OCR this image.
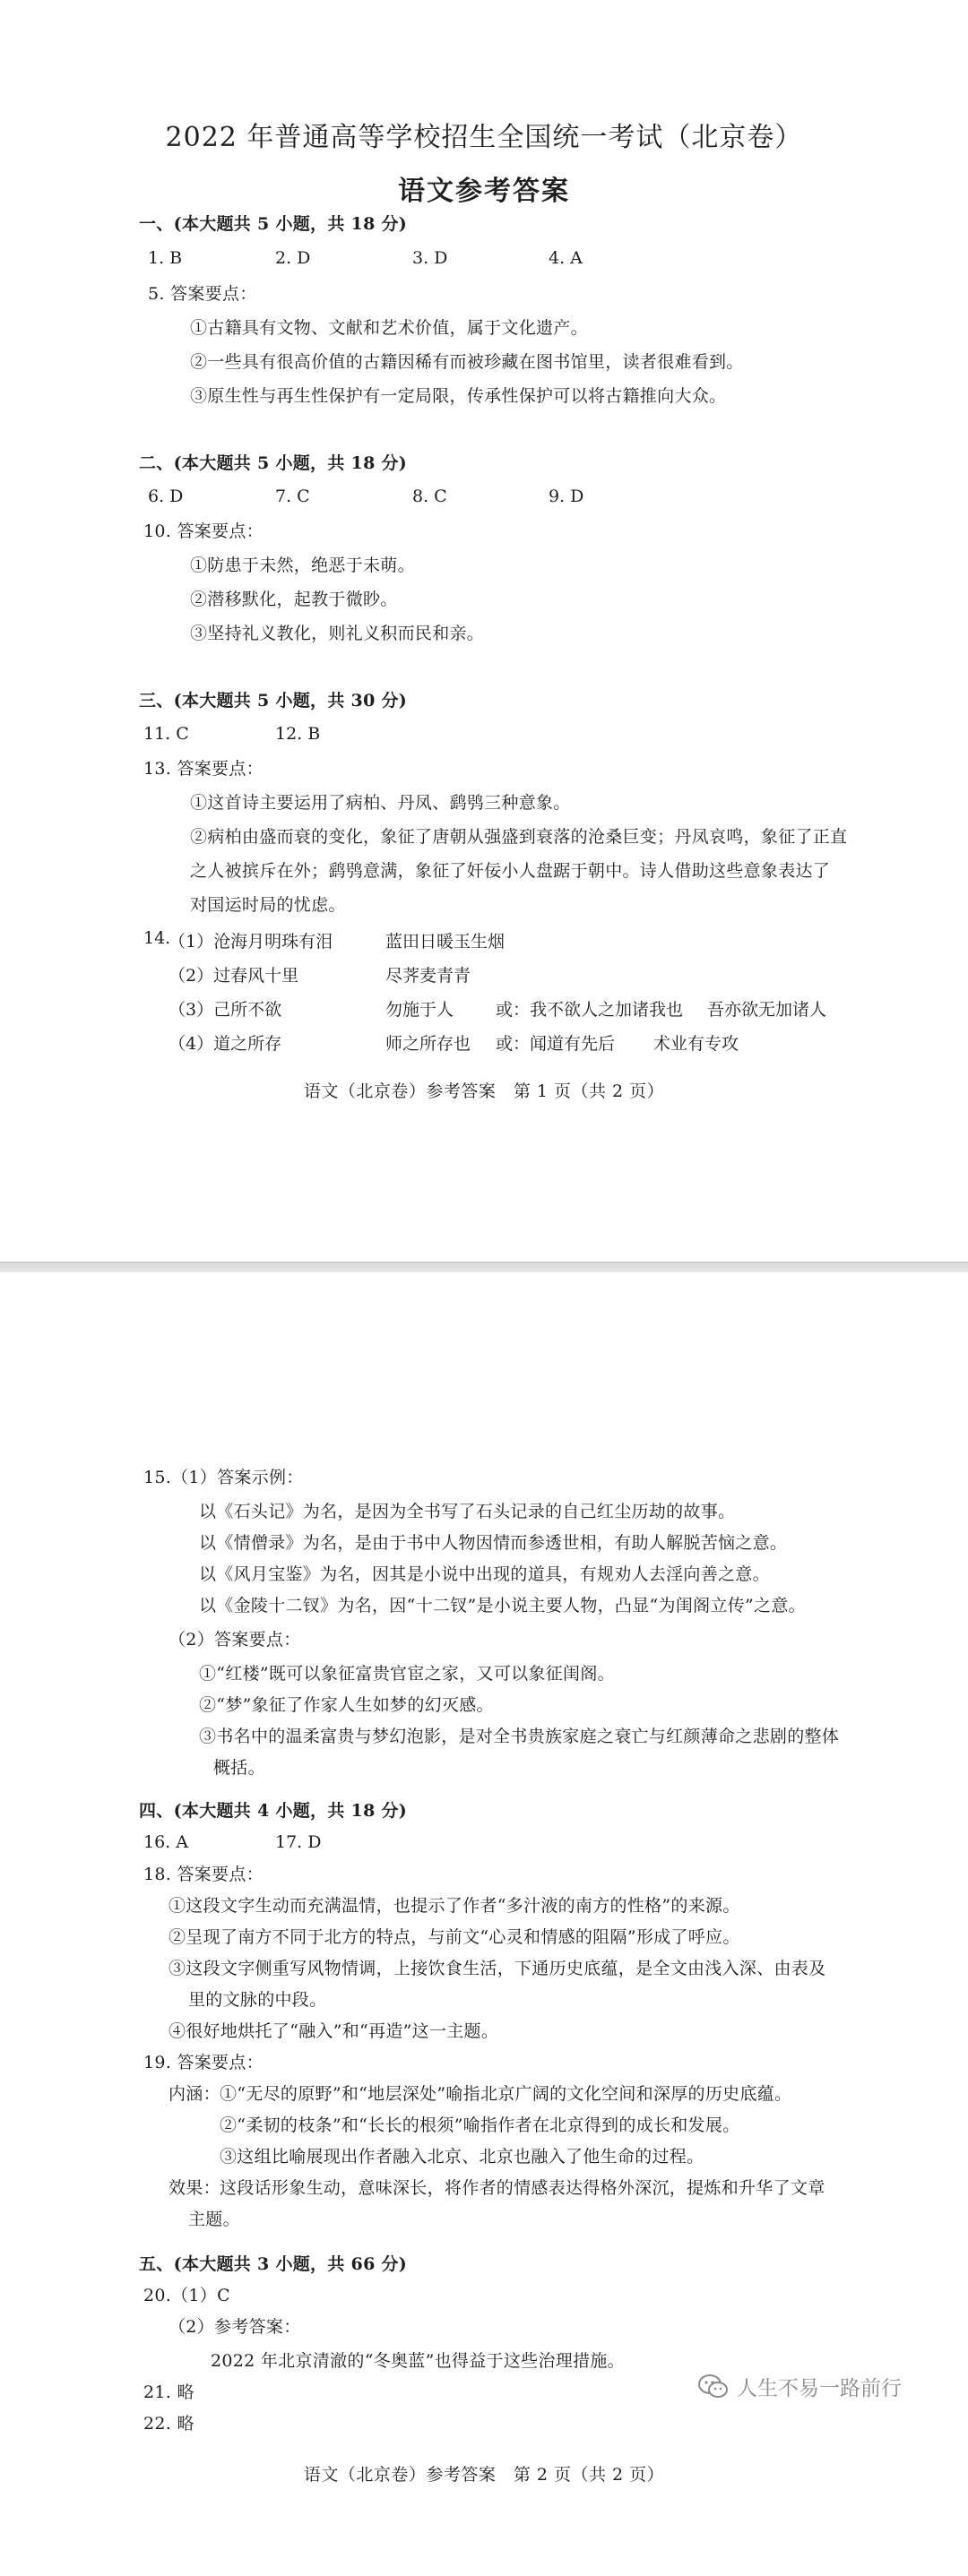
2022 年普通高等学校招生全国统一考试（北京卷）
语文参考答案
一、(本大题共 5 小题，共 18 分)
1. B	2. D	3. D	4. A
5. 答案要点：
①古籍具有文物、文献和艺术价值，属于文化遗产。
②一些具有很高价值的古籍因稀有而被珍藏在图书馆里，读者很难看到。
③原生性与再生性保护有一定局限，传承性保护可以将古籍推向大众。
二、(本大题共 5 小题，共 18 分)
6. D	7. C	8. C	9. D
10. 答案要点：
①防患于未然，绝恶于未萌。
②潜移默化，起教于微眇。
③坚持礼义教化，则礼义积而民和亲。
三、(本大题共 5 小题，共 30 分)
11. C	12. B
13. 答案要点：
①这首诗主要运用了病柏、丹凤、鹞鸮三种意象。
②病柏由盛而衰的变化，象征了唐朝从强盛到衰落的沧桑巨变；丹凤哀鸣，象征了正直
之人被摈斥在外；鹞鸮意满，象征了奸佞小人盘踞于朝中。诗人借助这些意象表达了
对国运时局的忧虑。
14.
（1）沧海月明珠有泪	蓝田日暖玉生烟
（2）过春风十里	尽荠麦青青
（3）己所不欲	勿施于人 或： 我不欲人之加诸我也 吾亦欲无加诸人
（4）道之所存	师之所存也 或： 闻道有先后 术业有专攻
语文（北京卷）参考答案　第 1 页（共 2 页）
15.（1）答案示例：
以《石头记》为名，是因为全书写了石头记录的自己红尘历劫的故事。
以《情僧录》为名，是由于书中人物因情而参透世相，有助人解脱苦恼之意。
以《风月宝鉴》为名，因其是小说中出现的道具，有规劝人去淫向善之意。
以《金陵十二钗》为名，因“十二钗”是小说主要人物，凸显“为闺阁立传”之意。
（2）答案要点：
①“红楼”既可以象征富贵官宦之家，又可以象征闺阁。
②“梦”象征了作家人生如梦的幻灭感。
③书名中的温柔富贵与梦幻泡影，是对全书贵族家庭之衰亡与红颜薄命之悲剧的整体
概括。
四、(本大题共 4 小题，共 18 分)
16. A	17. D
18. 答案要点：
①这段文字生动而充满温情，也提示了作者“多汁液的南方的性格”的来源。
②呈现了南方不同于北方的特点，与前文“心灵和情感的阻隔”形成了呼应。
③这段文字侧重写风物情调，上接饮食生活，下通历史底蕴，是全文由浅入深、由表及
里的文脉的中段。
④很好地烘托了“融入”和“再造”这一主题。
19. 答案要点：
内涵： ①“无尽的原野”和“地层深处”喻指北京广阔的文化空间和深厚的历史底蕴。
②“柔韧的枝条”和“长长的根须”喻指作者在北京得到的成长和发展。
③这组比喻展现出作者融入北京、北京也融入了他生命的过程。
效果： 这段话形象生动，意味深长，将作者的情感表达得格外深沉，提炼和升华了文章
主题。
五、(本大题共 3 小题，共 66 分)
20.（1）C
（2）参考答案：
2022 年北京清澈的“冬奥蓝”也得益于这些治理措施。
21. 略
22. 略
语文（北京卷）参考答案　第 2 页（共 2 页）
人生不易一路前行
